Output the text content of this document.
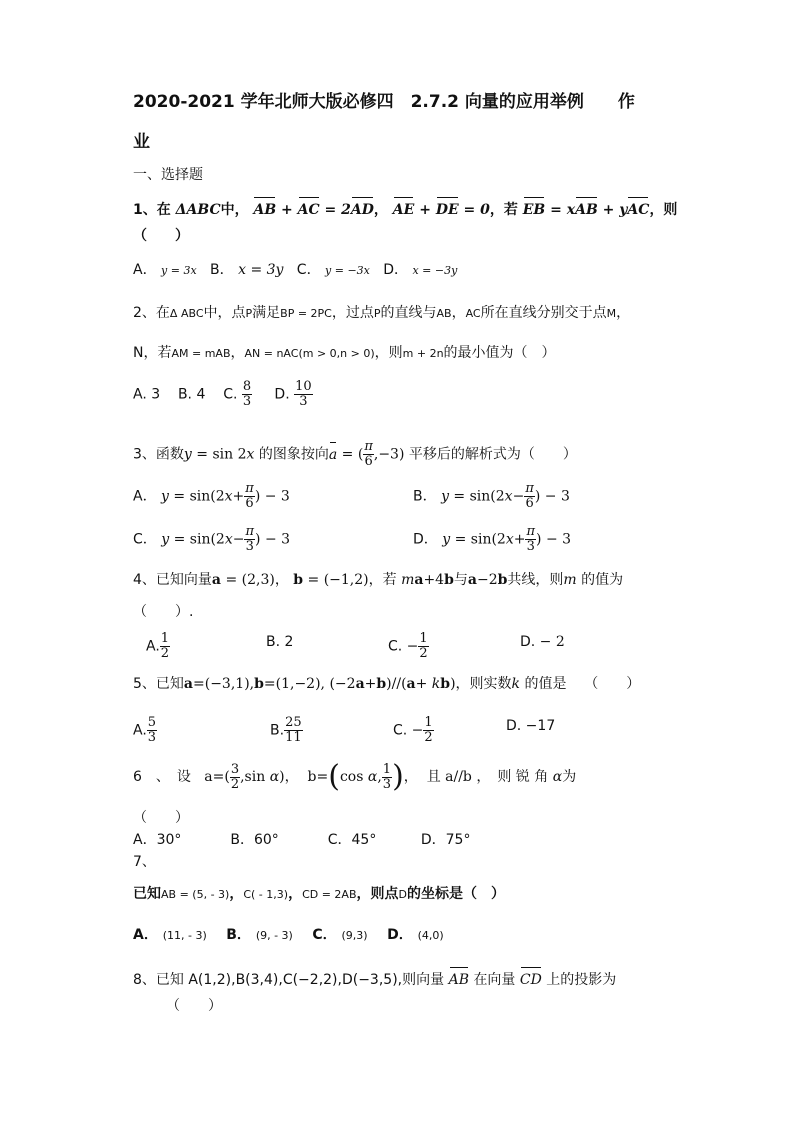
2020-2021 学年北师大版必修四　2.7.2 向量的应用举例　　作
业
一、选择题
1、在 ΔABC中， AB + AC = 2AD， AE + DE = 0，若 EB = xAB + yAC，则
（　　）
A． y = 3x B． x = 3y C． y = −3x D． x = −3y
2、在Δ ABC中，点P满足BP = 2PC，过点P的直线与AB，AC所在直线分别交于点M，
N，若AM = mAB，AN = nAC(m > 0,n > 0)，则m + 2n的最小值为（　）
A. 3 B. 4 C. $\frac{8}{3} D$. $\frac{10}{3}$
3、函数y = sin 2x 的图象按向a = ( $\frac{\pi}{6} ,-3$) 平移后的解析式为（　　）
A． $y = \sin(2x+ \frac{\pi}{6}$ ) − 3	B． $y = \sin(2x- \frac{\pi}{6}$ ) − 3
C． $y = \sin(2x- \frac{\pi}{3}$ ) − 3	D． $y = \sin(2x+ \frac{\pi}{3}$ ) − 3
4、已知向量a = (2,3)， b = (−1,2)，若 ma+4b与a−2b共线，则m 的值为
（　　）.
A. $\frac{1}{2}$	B. 2	C. − $\frac{1}{2}$	D. − 2
5、已知a=(−3,1),b=(1,−2), (−2a+b)//(a+ kb)，则实数k 的值是 （　　）
A. $\frac{5}{3}$	B. $\frac{25}{11}$	C. − $\frac{1}{2}$	D. −17
6　、　设 $a=( \frac{3}{2} ,\sin$ α)， b=(cos α, $\frac{1}{3}$ )， 且 a//b ，　则 锐 角 α为
（　　）
A．30°	B．60°	C．45°	D．75°
7、
已知AB = (5, - 3)，C( - 1,3)，CD = 2AB，则点D的坐标是（　）
A． (11, - 3) B． (9, - 3) C． (9,3) D． (4,0)
8、已知 A(1,2),B(3,4),C(−2,2),D(−3,5),则向量 AB 在向量 CD 上的投影为
（　　）
